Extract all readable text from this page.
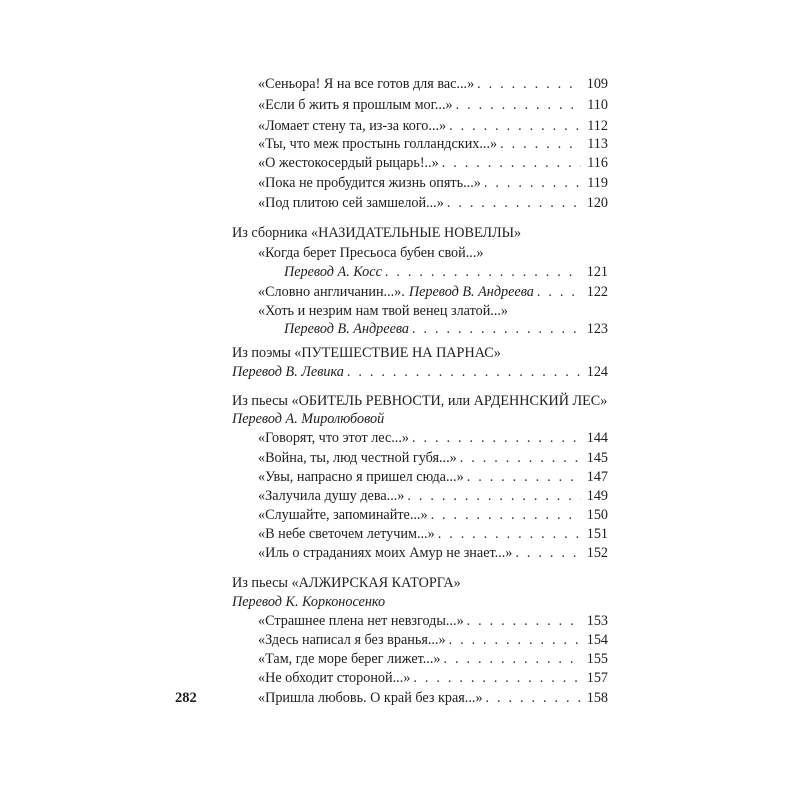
«Сеньора! Я на все готов для вас...» . . .	109
«Если б жить я прошлым мог...» . . .	110
«Ломает стену та, из-за кого...» . . .	112
«Ты, что меж простынь голландских...» . . .	113
«О жестокосердый рыцарь!..» . . .	116
«Пока не пробудится жизнь опять...» . . .	119
«Под плитою сей замшелой...» . . .	120
Из сборника «НАЗИДАТЕЛЬНЫЕ НОВЕЛЛЫ»
«Когда берет Пресьоса бубен свой...»
Перевод А. Косс . . .	121
«Словно англичанин...». Перевод В. Андреева . . .	122
«Хоть и незрим нам твой венец златой...»
Перевод В. Андреева . . .	123
Из поэмы «ПУТЕШЕСТВИЕ НА ПАРНАС»
Перевод В. Левика . . .	124
Из пьесы «ОБИТЕЛЬ РЕВНОСТИ, или АРДЕННСКИЙ ЛЕС»
Перевод А. Миролюбовой
«Говорят, что этот лес...» . . .	144
«Война, ты, люд честной губя...» . . .	145
«Увы, напрасно я пришел сюда...» . . .	147
«Залучила душу дева...» . . .	149
«Слушайте, запоминайте...» . . .	150
«В небе светочем летучим...» . . .	151
«Иль о страданиях моих Амур не знает...» . . .	152
Из пьесы «АЛЖИРСКАЯ КАТОРГА»
Перевод К. Корконосенко
«Страшнее плена нет невзгоды...» . . .	153
«Здесь написал я без вранья...» . . .	154
«Там, где море берег лижет...» . . .	155
«Не обходит стороной...» . . .	157
«Пришла любовь. О край без края...» . . .	158
282
